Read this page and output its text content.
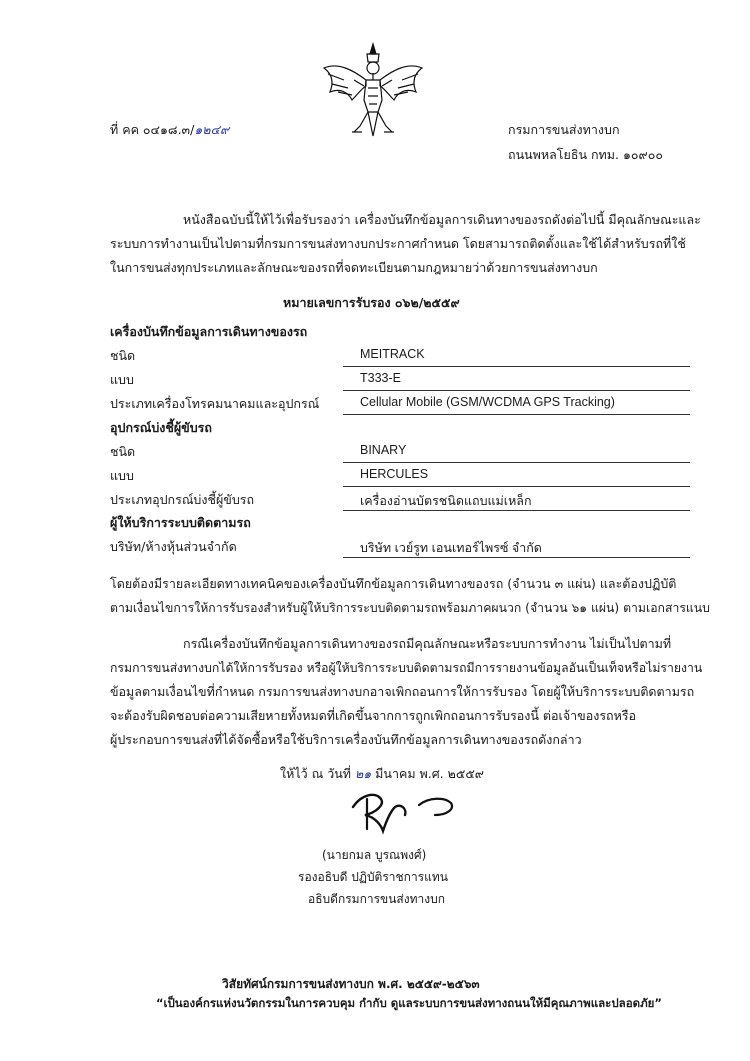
ที่ คค ๐๔๑๘.๓/๑๒๔๙	กรมการขนส่งทางบก
ถนนพหลโยธิน กทม. ๑๐๙๐๐
หนังสือฉบับนี้ให้ไว้เพื่อรับรองว่า เครื่องบันทึกข้อมูลการเดินทางของรถดังต่อไปนี้ มีคุณลักษณะและ
ระบบการทำงานเป็นไปตามที่กรมการขนส่งทางบกประกาศกำหนด โดยสามารถติดตั้งและใช้ได้สำหรับรถที่ใช้
ในการขนส่งทุกประเภทและลักษณะของรถที่จดทะเบียนตามกฎหมายว่าด้วยการขนส่งทางบก
หมายเลขการรับรอง ๐๖๒/๒๕๕๙
เครื่องบันทึกข้อมูลการเดินทางของรถ
ชนิด	MEITRACK
แบบ	T333-E
ประเภทเครื่องโทรคมนาคมและอุปกรณ์	Cellular Mobile (GSM/WCDMA GPS Tracking)
อุปกรณ์บ่งชี้ผู้ขับรถ
ชนิด	BINARY
แบบ	HERCULES
ประเภทอุปกรณ์บ่งชี้ผู้ขับรถ	เครื่องอ่านบัตรชนิดแถบแม่เหล็ก
ผู้ให้บริการระบบติดตามรถ
บริษัท/ห้างหุ้นส่วนจำกัด	บริษัท เวย์รูท เอนเทอร์ไพรซ์ จำกัด
โดยต้องมีรายละเอียดทางเทคนิคของเครื่องบันทึกข้อมูลการเดินทางของรถ (จำนวน ๓ แผ่น) และต้องปฏิบัติ
ตามเงื่อนไขการให้การรับรองสำหรับผู้ให้บริการระบบติดตามรถพร้อมภาคผนวก (จำนวน ๖๑ แผ่น) ตามเอกสารแนบ
กรณีเครื่องบันทึกข้อมูลการเดินทางของรถมีคุณลักษณะหรือระบบการทำงาน ไม่เป็นไปตามที่
กรมการขนส่งทางบกได้ให้การรับรอง หรือผู้ให้บริการระบบติดตามรถมีการรายงานข้อมูลอันเป็นเท็จหรือไม่รายงาน
ข้อมูลตามเงื่อนไขที่กำหนด กรมการขนส่งทางบกอาจเพิกถอนการให้การรับรอง โดยผู้ให้บริการระบบติดตามรถ
จะต้องรับผิดชอบต่อความเสียหายทั้งหมดที่เกิดขึ้นจากการถูกเพิกถอนการรับรองนี้ ต่อเจ้าของรถหรือ
ผู้ประกอบการขนส่งที่ได้จัดซื้อหรือใช้บริการเครื่องบันทึกข้อมูลการเดินทางของรถดังกล่าว
ให้ไว้ ณ วันที่ ๒๑ มีนาคม พ.ศ. ๒๕๕๙
(นายกมล บูรณพงศ์)
รองอธิบดี ปฏิบัติราชการแทน
อธิบดีกรมการขนส่งทางบก
วิสัยทัศน์กรมการขนส่งทางบก พ.ศ. ๒๕๕๙-๒๕๖๓
“เป็นองค์กรแห่งนวัตกรรมในการควบคุม กำกับ ดูแลระบบการขนส่งทางถนนให้มีคุณภาพและปลอดภัย”
